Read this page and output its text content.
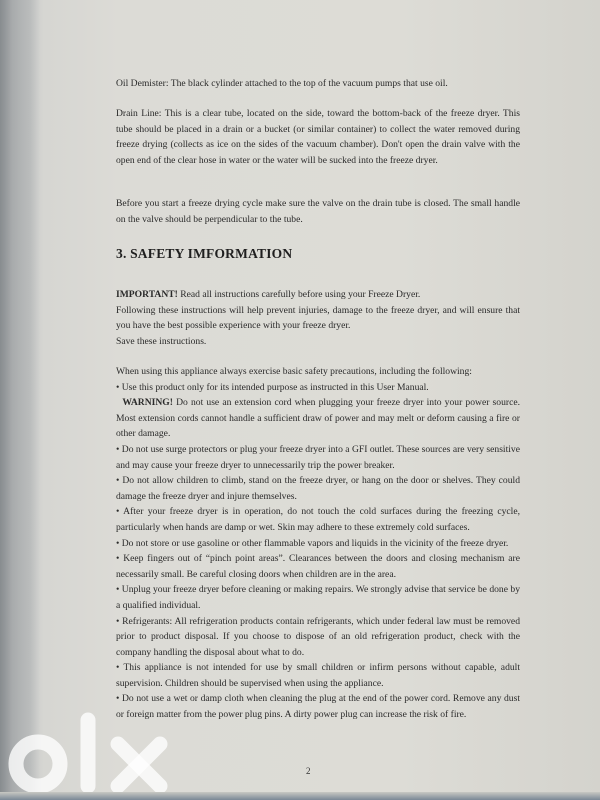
Oil Demister: The black cylinder attached to the top of the vacuum pumps that use oil.

Drain Line: This is a clear tube, located on the side, toward the bottom-back of the freeze dryer. This tube should be placed in a drain or a bucket (or similar container) to collect the water removed during freeze drying (collects as ice on the sides of the vacuum chamber). Don't open the drain valve with the open end of the clear hose in water or the water will be sucked into the freeze dryer.

Before you start a freeze drying cycle make sure the valve on the drain tube is closed. The small handle on the valve should be perpendicular to the tube.

3. SAFETY IMFORMATION

IMPORTANT! Read all instructions carefully before using your Freeze Dryer.

Following these instructions will help prevent injuries, damage to the freeze dryer, and will ensure that you have the best possible experience with your freeze dryer.

Save these instructions.

When using this appliance always exercise basic safety precautions, including the following:

• Use this product only for its intended purpose as instructed in this User Manual.

WARNING! Do not use an extension cord when plugging your freeze dryer into your power source. Most extension cords cannot handle a sufficient draw of power and may melt or deform causing a fire or other damage.

• Do not use surge protectors or plug your freeze dryer into a GFI outlet. These sources are very sensitive and may cause your freeze dryer to unnecessarily trip the power breaker.

• Do not allow children to climb, stand on the freeze dryer, or hang on the door or shelves. They could damage the freeze dryer and injure themselves.

• After your freeze dryer is in operation, do not touch the cold surfaces during the freezing cycle, particularly when hands are damp or wet. Skin may adhere to these extremely cold surfaces.

• Do not store or use gasoline or other flammable vapors and liquids in the vicinity of the freeze dryer.

• Keep fingers out of “pinch point areas”. Clearances between the doors and closing mechanism are necessarily small. Be careful closing doors when children are in the area.

• Unplug your freeze dryer before cleaning or making repairs. We strongly advise that service be done by a qualified individual.

• Refrigerants: All refrigeration products contain refrigerants, which under federal law must be removed prior to product disposal. If you choose to dispose of an old refrigeration product, check with the company handling the disposal about what to do.

• This appliance is not intended for use by small children or infirm persons without capable, adult supervision. Children should be supervised when using the appliance.

• Do not use a wet or damp cloth when cleaning the plug at the end of the power cord. Remove any dust or foreign matter from the power plug pins. A dirty power plug can increase the risk of fire.

2
